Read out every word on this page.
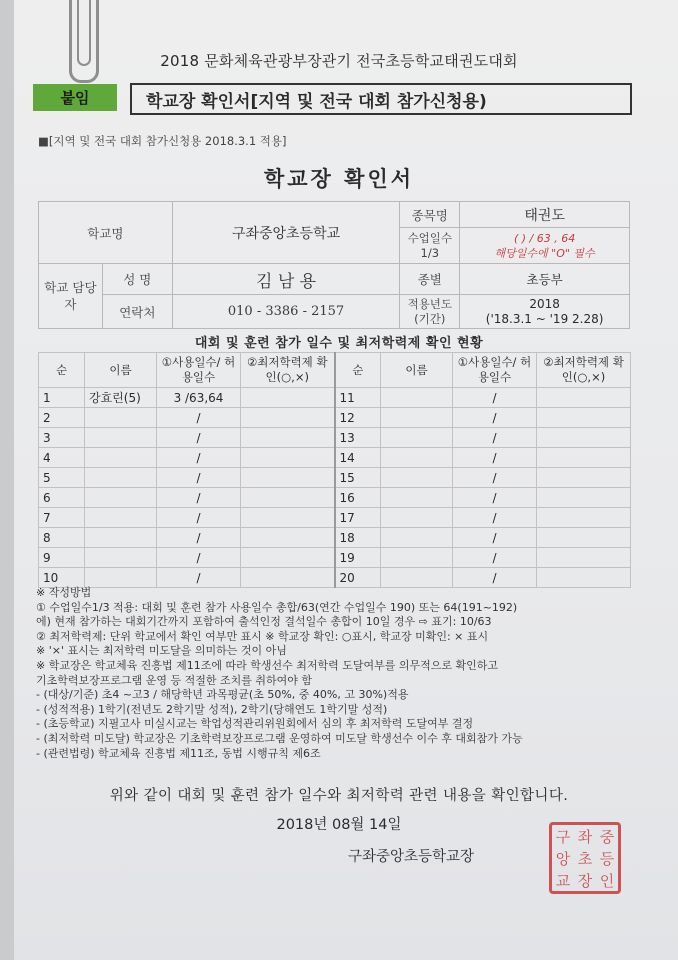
2018 문화체육관광부장관기 전국초등학교태권도대회
붙임	학교장 확인서[지역 및 전국 대회 참가신청용)
■[지역 및 전국 대회 참가신청용 2018.3.1 적용]
학교장 확인서
학교명		구좌중앙초등학교	종목명	태권도
			수업일수 1/3	( ) / 63 , 64
해당일수에 "O" 필수

학교 담당자	성 명	김 남 용	종별	초등부
	연락처	010 - 3386 - 2157	적용년도 (기간)	2018
('18.3.1 ~ '19 2.28)
대회 및 훈련 참가 일수 및 최저학력제 확인 현황
순	이름	①사용일수/ 허용일수	②최저학력제 확인(○,×)	순	이름	①사용일수/ 허용일수	②최저학력제 확인(○,×)
1	강효린(5)	3 /63,64		11		/	
2		/		12		/	
3		/		13		/	
4		/		14		/	
5		/		15		/	
6		/		16		/	
7		/		17		/	
8		/		18		/	
9		/		19		/	
10		/		20		/	
※ 작성방법
① 수업일수1/3 적용: 대회 및 훈련 참가 사용일수 총합/63(연간 수업일수 190) 또는 64(191~192)
에) 현재 참가하는 대회기간까지 포함하여 출석인정 결석일수 총합이 10일 경우 ⇨ 표기: 10/63
② 최저학력제: 단위 학교에서 확인 여부만 표시 ※ 학교장 확인: ○표시, 학교장 미확인: × 표시
※ '×' 표시는 최저학력 미도달을 의미하는 것이 아님
※ 학교장은 학교체육 진흥법 제11조에 따라 학생선수 최저학력 도달여부를 의무적으로 확인하고
기초학력보장프로그램 운영 등 적절한 조치를 취하여야 함
- (대상/기준) 초4 ~고3 / 해당학년 과목평균(초 50%, 중 40%, 고 30%)적용
- (성적적용) 1학기(전년도 2학기말 성적), 2학기(당해연도 1학기말 성적)
- (초등학교) 지필고사 미실시교는 학업성적관리위원회에서 심의 후 최저학력 도달여부 결정
- (최저학력 미도달) 학교장은 기초학력보장프로그램 운영하여 미도달 학생선수 이수 후 대회참가 가능
- (관련법령) 학교체육 진흥법 제11조, 동법 시행규칙 제6조
위와 같이 대회 및 훈련 참가 일수와 최저학력 관련 내용을 확인합니다.
2018년 08월 14일
구좌중앙초등학교장
구 좌 중
앙 초 등
교 장 인
